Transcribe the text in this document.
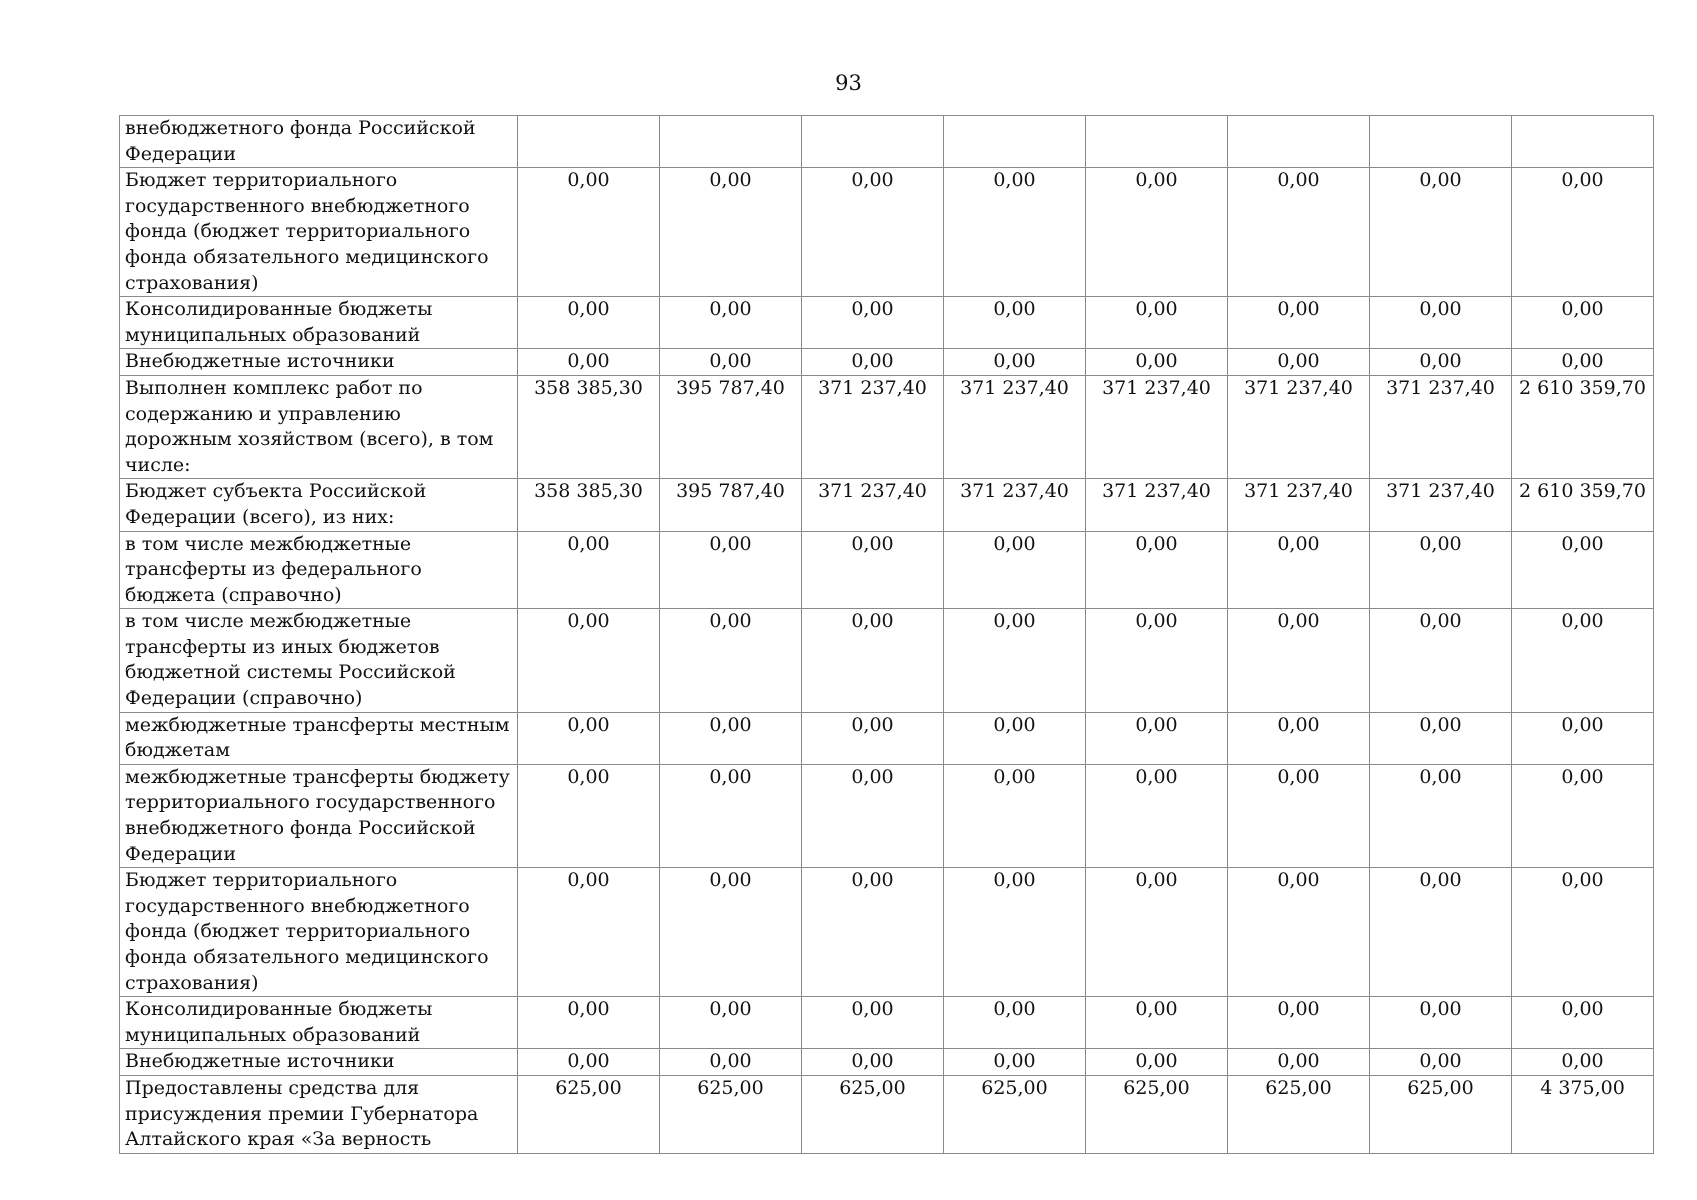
93
внебюджетного фонда Российской Федерации								
Бюджет территориального государственного внебюджетного фонда (бюджет территориального фонда обязательного медицинского страхования)	0,00	0,00	0,00	0,00	0,00	0,00	0,00	0,00
Консолидированные бюджеты муниципальных образований	0,00	0,00	0,00	0,00	0,00	0,00	0,00	0,00
Внебюджетные источники	0,00	0,00	0,00	0,00	0,00	0,00	0,00	0,00
Выполнен комплекс работ по содержанию и управлению дорожным хозяйством (всего), в том числе:	358 385,30	395 787,40	371 237,40	371 237,40	371 237,40	371 237,40	371 237,40	2 610 359,70
Бюджет субъекта Российской Федерации (всего), из них:	358 385,30	395 787,40	371 237,40	371 237,40	371 237,40	371 237,40	371 237,40	2 610 359,70
в том числе межбюджетные трансферты из федерального бюджета (справочно)	0,00	0,00	0,00	0,00	0,00	0,00	0,00	0,00
в том числе межбюджетные трансферты из иных бюджетов бюджетной системы Российской Федерации (справочно)	0,00	0,00	0,00	0,00	0,00	0,00	0,00	0,00
межбюджетные трансферты местным бюджетам	0,00	0,00	0,00	0,00	0,00	0,00	0,00	0,00
межбюджетные трансферты бюджету территориального государственного внебюджетного фонда Российской Федерации	0,00	0,00	0,00	0,00	0,00	0,00	0,00	0,00
Бюджет территориального государственного внебюджетного фонда (бюджет территориального фонда обязательного медицинского страхования)	0,00	0,00	0,00	0,00	0,00	0,00	0,00	0,00
Консолидированные бюджеты муниципальных образований	0,00	0,00	0,00	0,00	0,00	0,00	0,00	0,00
Внебюджетные источники	0,00	0,00	0,00	0,00	0,00	0,00	0,00	0,00
Предоставлены средства для присуждения премии Губернатора Алтайского края «За верность	625,00	625,00	625,00	625,00	625,00	625,00	625,00	4 375,00
